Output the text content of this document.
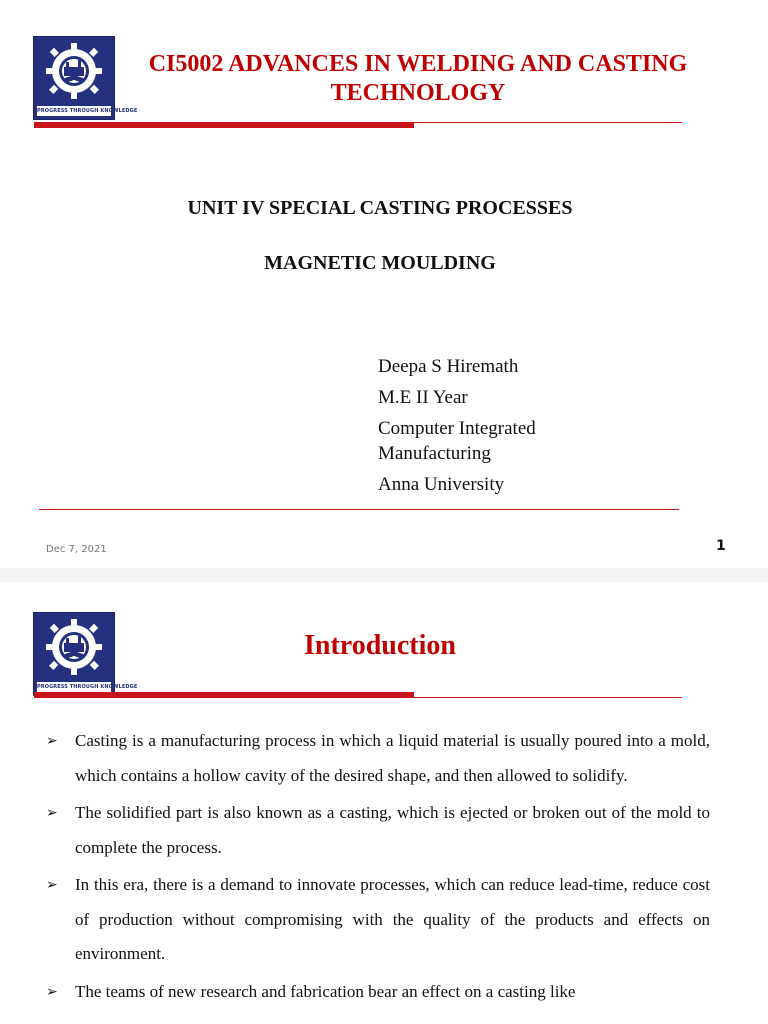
PROGRESS THROUGH KNOWLEDGE
CI5002 ADVANCES IN WELDING AND CASTING TECHNOLOGY
UNIT IV SPECIAL CASTING PROCESSES
MAGNETIC MOULDING
Deepa S Hiremath
M.E II Year
Computer Integrated Manufacturing
Anna University
Dec 7, 2021	1
PROGRESS THROUGH KNOWLEDGE
Introduction
➢ Casting is a manufacturing process in which a liquid material is usually poured into a mold, which contains a hollow cavity of the desired shape, and then allowed to solidify.
➢ The solidified part is also known as a casting, which is ejected or broken out of the mold to complete the process.
➢ In this era, there is a demand to innovate processes, which can reduce lead-time, reduce cost of production without compromising with the quality of the products and effects on environment.
➢ The teams of new research and fabrication bear an effect on a casting like
